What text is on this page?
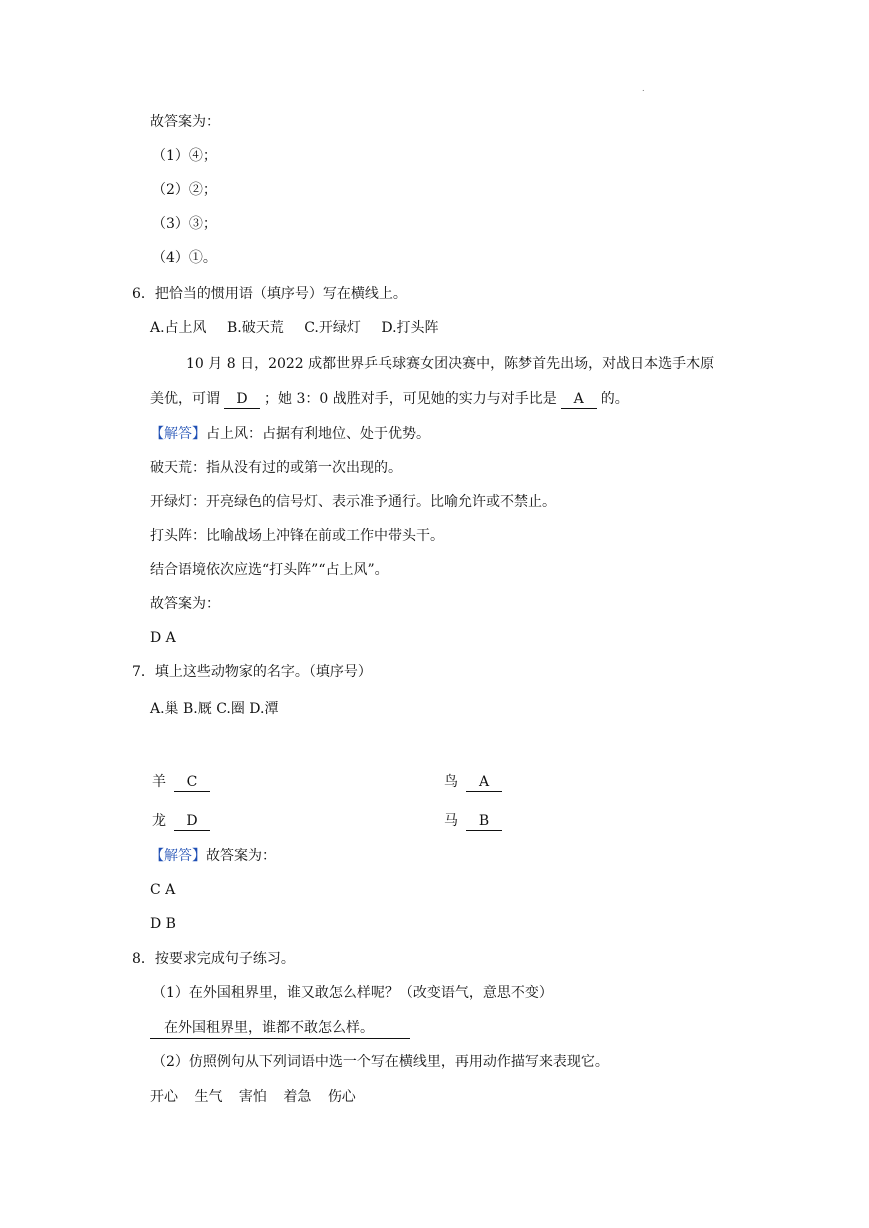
.
故答案为：
（1）④；
（2）②；
（3）③；
（4）①。
6．把恰当的惯用语（填序号）写在横线上。
A.占上风 B.破天荒 C.开绿灯 D.打头阵
10 月 8 日，2022 成都世界乒乓球赛女团决赛中，陈梦首先出场，对战日本选手木原
美优，可谓 D ；她 3：0 战胜对手，可见她的实力与对手比是 A 的。
【解答】占上风：占据有利地位、处于优势。
破天荒：指从没有过的或第一次出现的。
开绿灯：开亮绿色的信号灯、表示准予通行。比喻允许或不禁止。
打头阵：比喻战场上冲锋在前或工作中带头干。
结合语境依次应选“打头阵”“占上风”。
故答案为：
D A
7．填上这些动物家的名字。（填序号）
A.巢 B.厩 C.圈 D.潭
羊 C	鸟 A
龙 D	马 B
【解答】故答案为：
C A
D B
8．按要求完成句子练习。
（1）在外国租界里，谁又敢怎么样呢？（改变语气，意思不变）
在外国租界里，谁都不敢怎么样。
（2）仿照例句从下列词语中选一个写在横线里，再用动作描写来表现它。
开心 生气 害怕 着急 伤心
